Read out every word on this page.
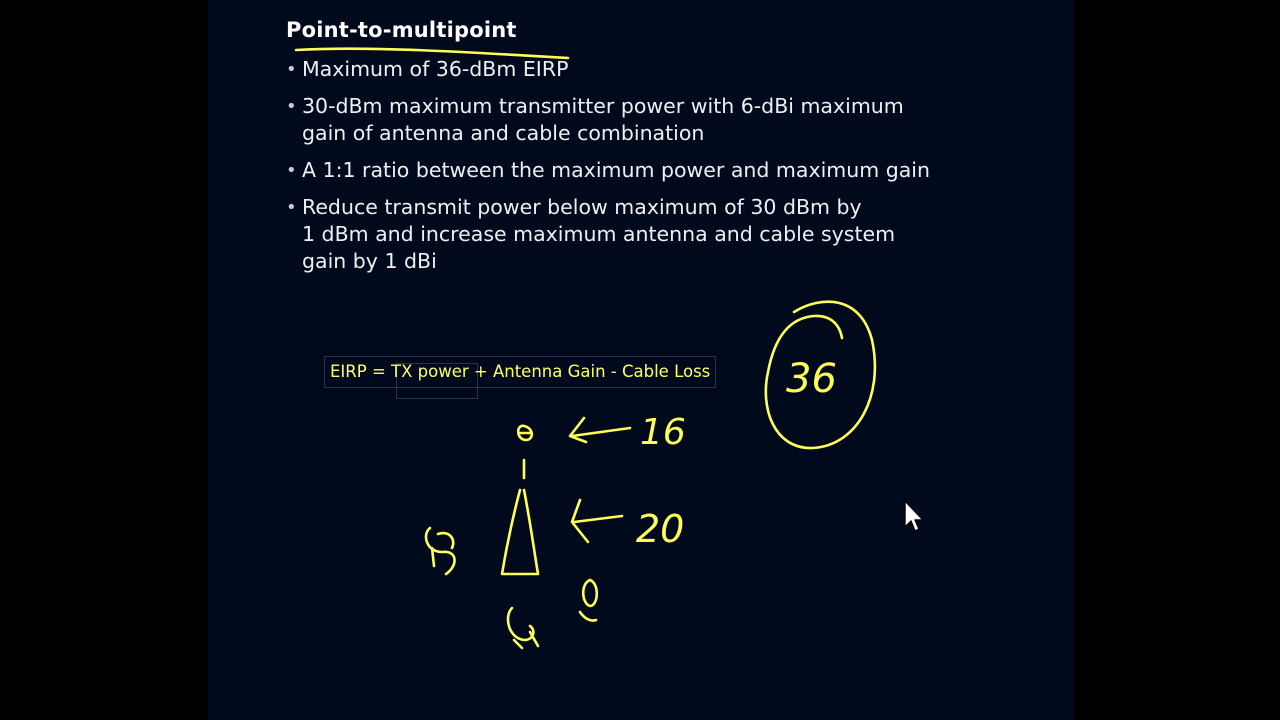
Point-to-multipoint
• Maximum of 36-dBm EIRP
• 30-dBm maximum transmitter power with 6-dBi maximum
gain of antenna and cable combination
• A 1:1 ratio between the maximum power and maximum gain
• Reduce transmit power below maximum of 30 dBm by
1 dBm and increase maximum antenna and cable system
gain by 1 dBi
EIRP = TX power + Antenna Gain - Cable Loss 36
16
20
